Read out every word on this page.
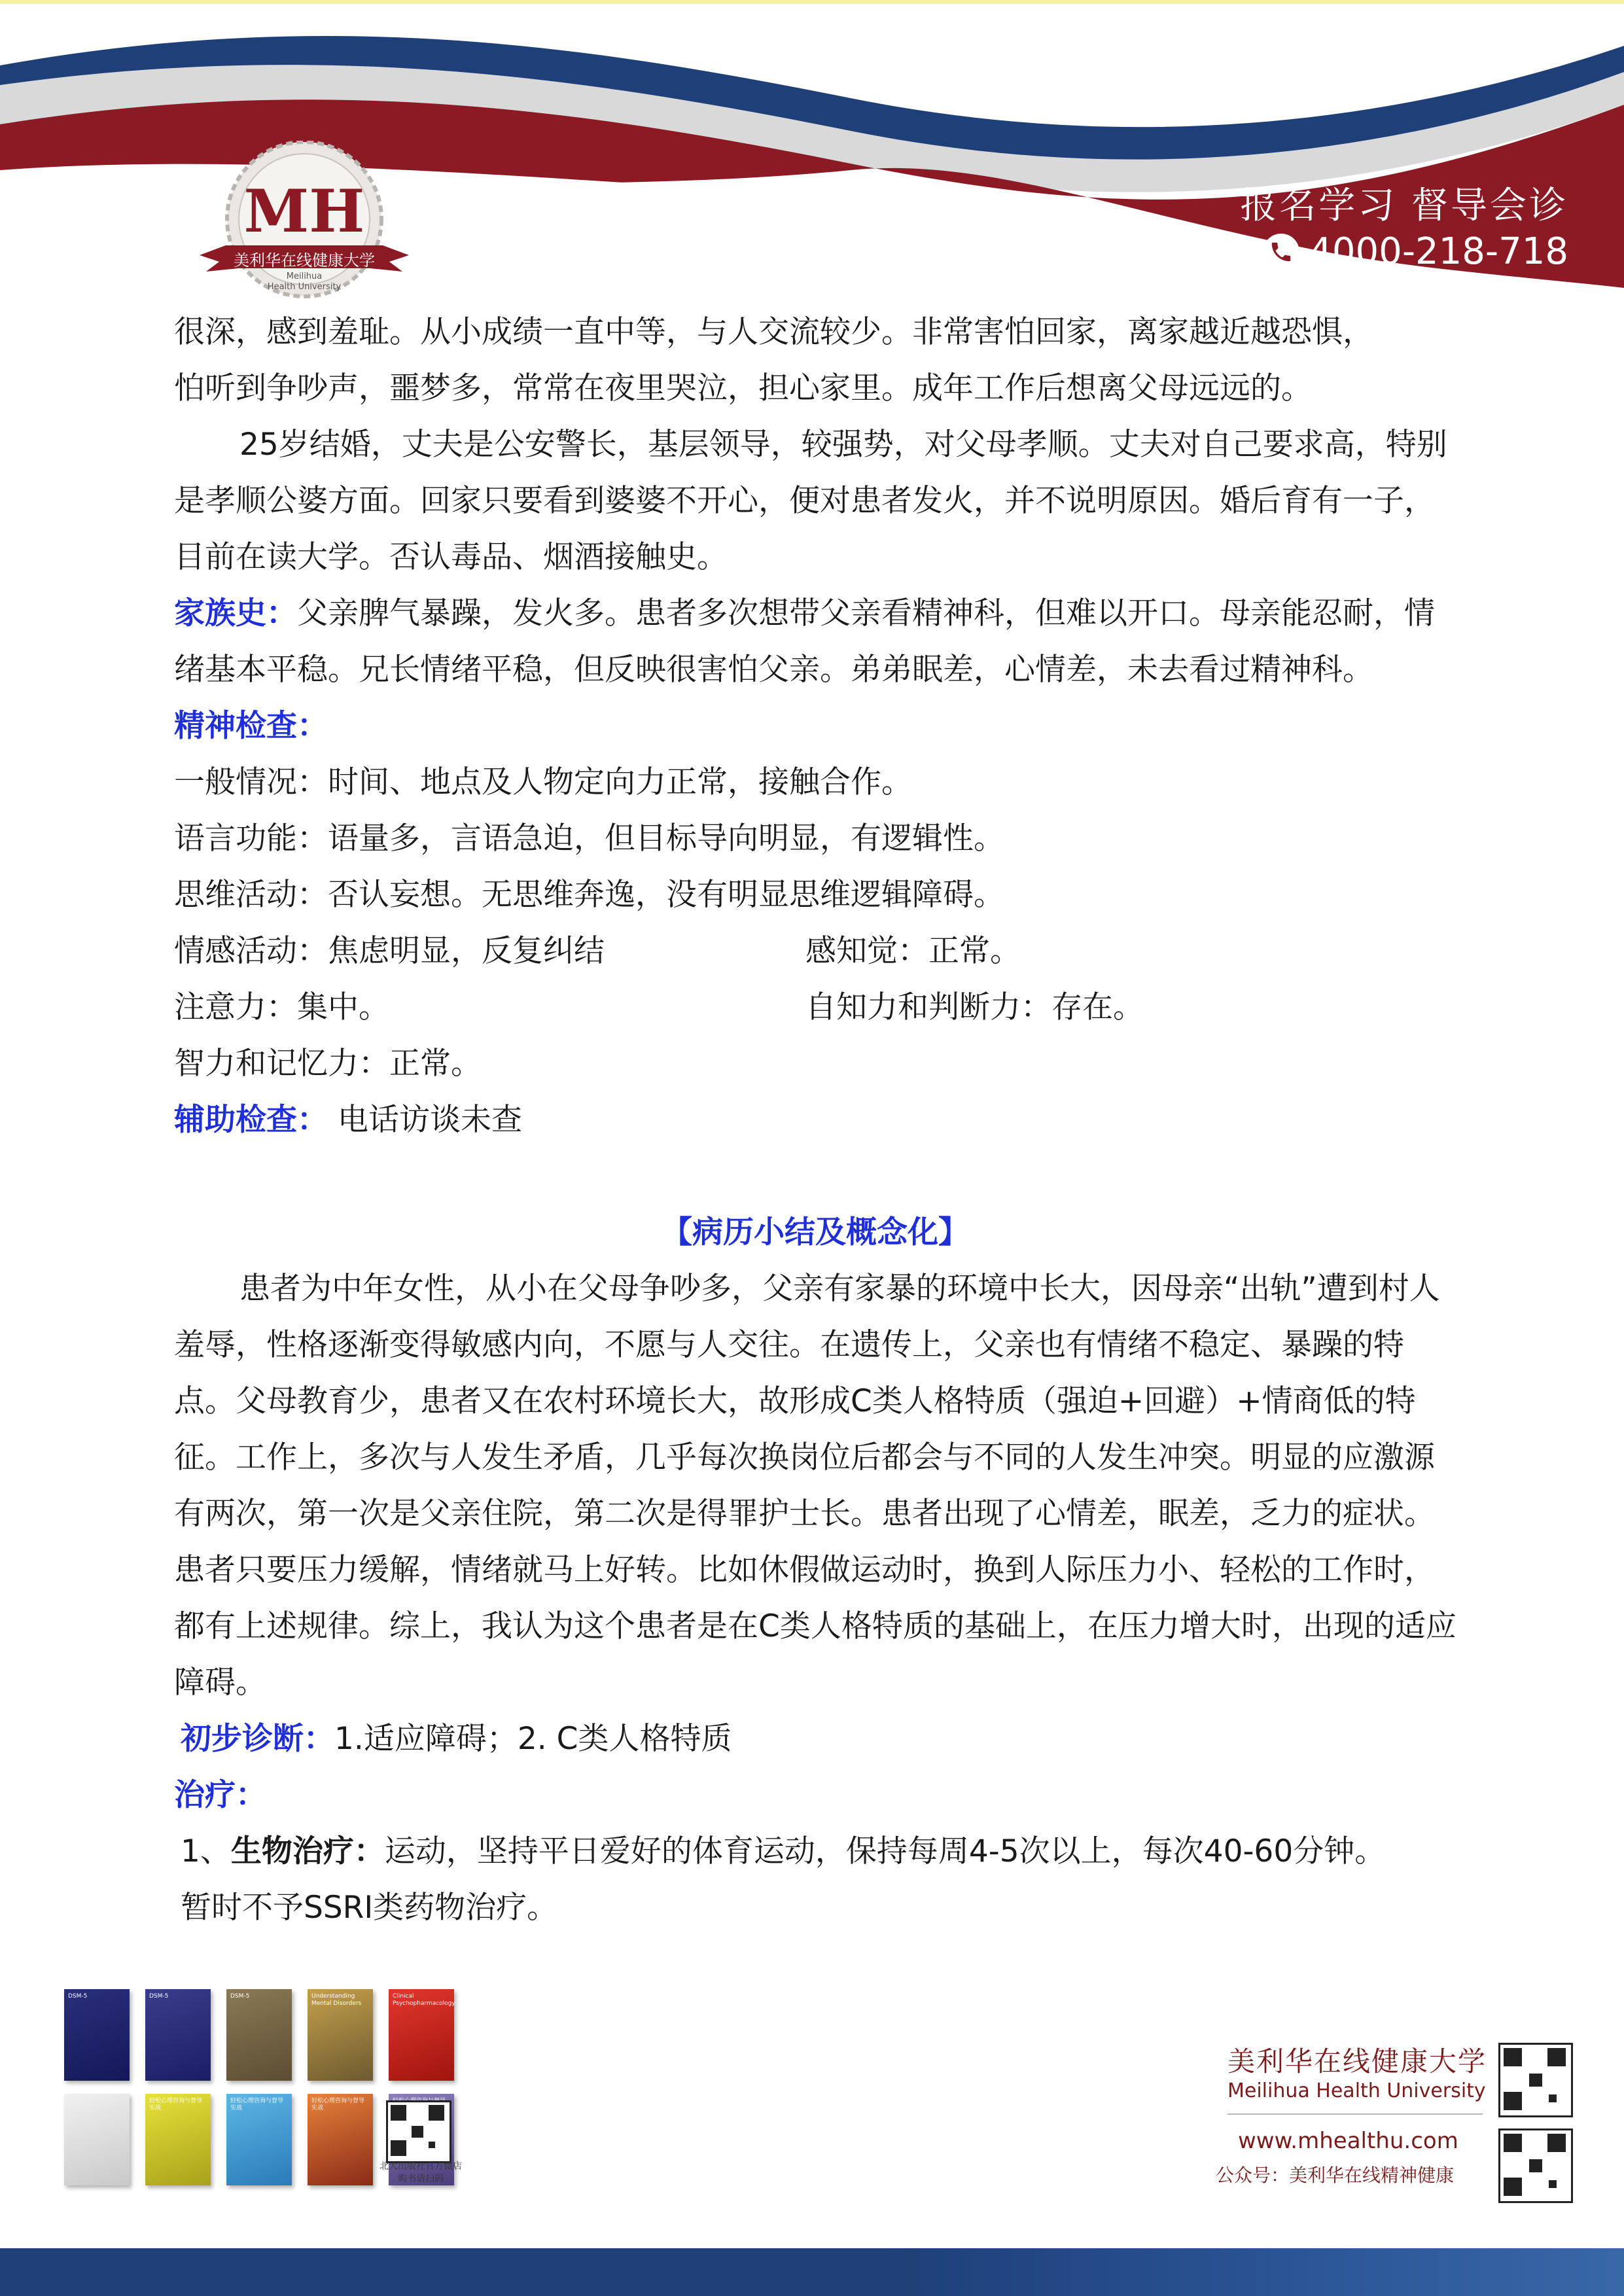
MH
美利华在线健康大学
Meilihua
Health University
报名学习 督导会诊
4000-218-718

很深，感到羞耻。从小成绩一直中等，与人交流较少。非常害怕回家，离家越近越恐惧，

怕听到争吵声，噩梦多，常常在夜里哭泣，担心家里。成年工作后想离父母远远的。

25岁结婚，丈夫是公安警长，基层领导，较强势，对父母孝顺。丈夫对自己要求高，特别是孝顺公婆方面。回家只要看到婆婆不开心，便对患者发火，并不说明原因。婚后育有一子，目前在读大学。否认毒品、烟酒接触史。

家族史：父亲脾气暴躁，发火多。患者多次想带父亲看精神科，但难以开口。母亲能忍耐，情绪基本平稳。兄长情绪平稳，但反映很害怕父亲。弟弟眠差，心情差，未去看过精神科。

精神检查：

一般情况：时间、地点及人物定向力正常，接触合作。

语言功能：语量多，言语急迫，但目标导向明显，有逻辑性。

思维活动：否认妄想。无思维奔逸，没有明显思维逻辑障碍。

情感活动：焦虑明显，反复纠结	感知觉：正常。
注意力：集中。	自知力和判断力：存在。

智力和记忆力：正常。

辅助检查： 电话访谈未查

【病历小结及概念化】

患者为中年女性，从小在父母争吵多，父亲有家暴的环境中长大，因母亲“出轨”遭到村人羞辱，性格逐渐变得敏感内向，不愿与人交往。在遗传上，父亲也有情绪不稳定、暴躁的特点。父母教育少，患者又在农村环境长大，故形成C类人格特质（强迫+回避）+情商低的特征。工作上，多次与人发生矛盾，几乎每次换岗位后都会与不同的人发生冲突。明显的应激源有两次，第一次是父亲住院，第二次是得罪护士长。患者出现了心情差，眠差，乏力的症状。患者只要压力缓解，情绪就马上好转。比如休假做运动时，换到人际压力小、轻松的工作时，都有上述规律。综上，我认为这个患者是在C类人格特质的基础上，在压力增大时，出现的适应障碍。

初步诊断：1.适应障碍；2. C类人格特质

治疗：

1、生物治疗：运动，坚持平日爱好的体育运动，保持每周4-5次以上，每次40-60分钟。

暂时不予SSRI类药物治疗。

DSM-5	DSM-5	DSM-5	Understanding Mental Disorders
Clinical Psychopharmacology
轻松心理咨询与督导实战
轻松心理咨询与督导实战
轻松心理咨询与督导实战
北大出版社官方微店
购书请扫码
美利华在线健康大学
Meilihua Health University
www.mhealthu.com
公众号：美利华在线精神健康
